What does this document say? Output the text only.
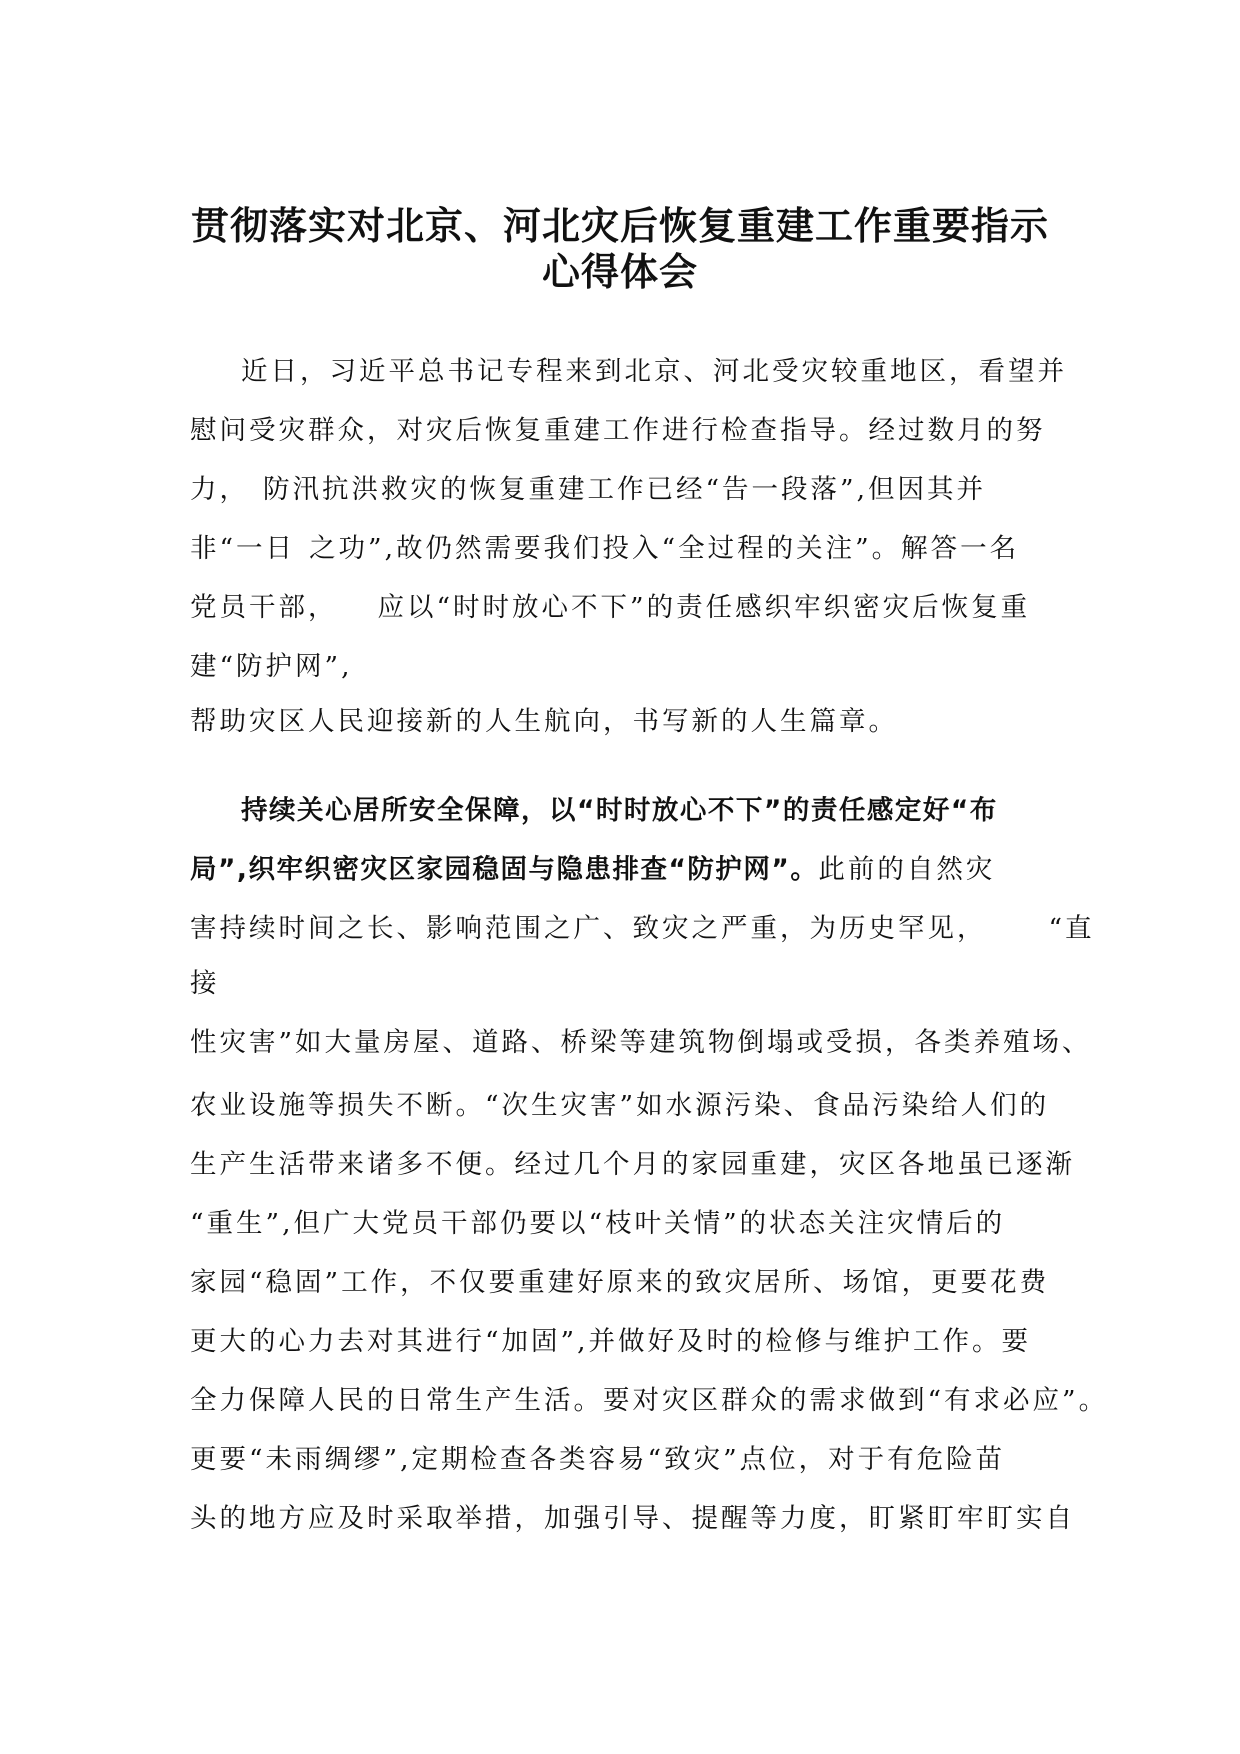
贯彻落实对北京、河北灾后恢复重建工作重要指示
心得体会

近日，习近平总书记专程来到北京、河北受灾较重地区，看望并

慰问受灾群众，对灾后恢复重建工作进行检查指导。经过数月的努

力， 防汛抗洪救灾的恢复重建工作已经“告一段落”,但因其并

非“一日 之功”,故仍然需要我们投入“全过程的关注”。解答一名

党员干部， 应以“时时放心不下”的责任感织牢织密灾后恢复重

建“防护网”,

帮助灾区人民迎接新的人生航向，书写新的人生篇章。

持续关心居所安全保障，以“时时放心不下”的责任感定好“布

局”,织牢织密灾区家园稳固与隐患排查“防护网”。此前的自然灾

害持续时间之长、影响范围之广、致灾之严重，为历史罕见， “直

接

性灾害”如大量房屋、道路、桥梁等建筑物倒塌或受损，各类养殖场、

农业设施等损失不断。“次生灾害”如水源污染、食品污染给人们的

生产生活带来诸多不便。经过几个月的家园重建，灾区各地虽已逐渐

“重生”,但广大党员干部仍要以“枝叶关情”的状态关注灾情后的

家园“稳固”工作，不仅要重建好原来的致灾居所、场馆，更要花费

更大的心力去对其进行“加固”,并做好及时的检修与维护工作。要

全力保障人民的日常生产生活。要对灾区群众的需求做到“有求必应”。

更要“未雨绸缪”,定期检查各类容易“致灾”点位，对于有危险苗

头的地方应及时采取举措，加强引导、提醒等力度，盯紧盯牢盯实自
